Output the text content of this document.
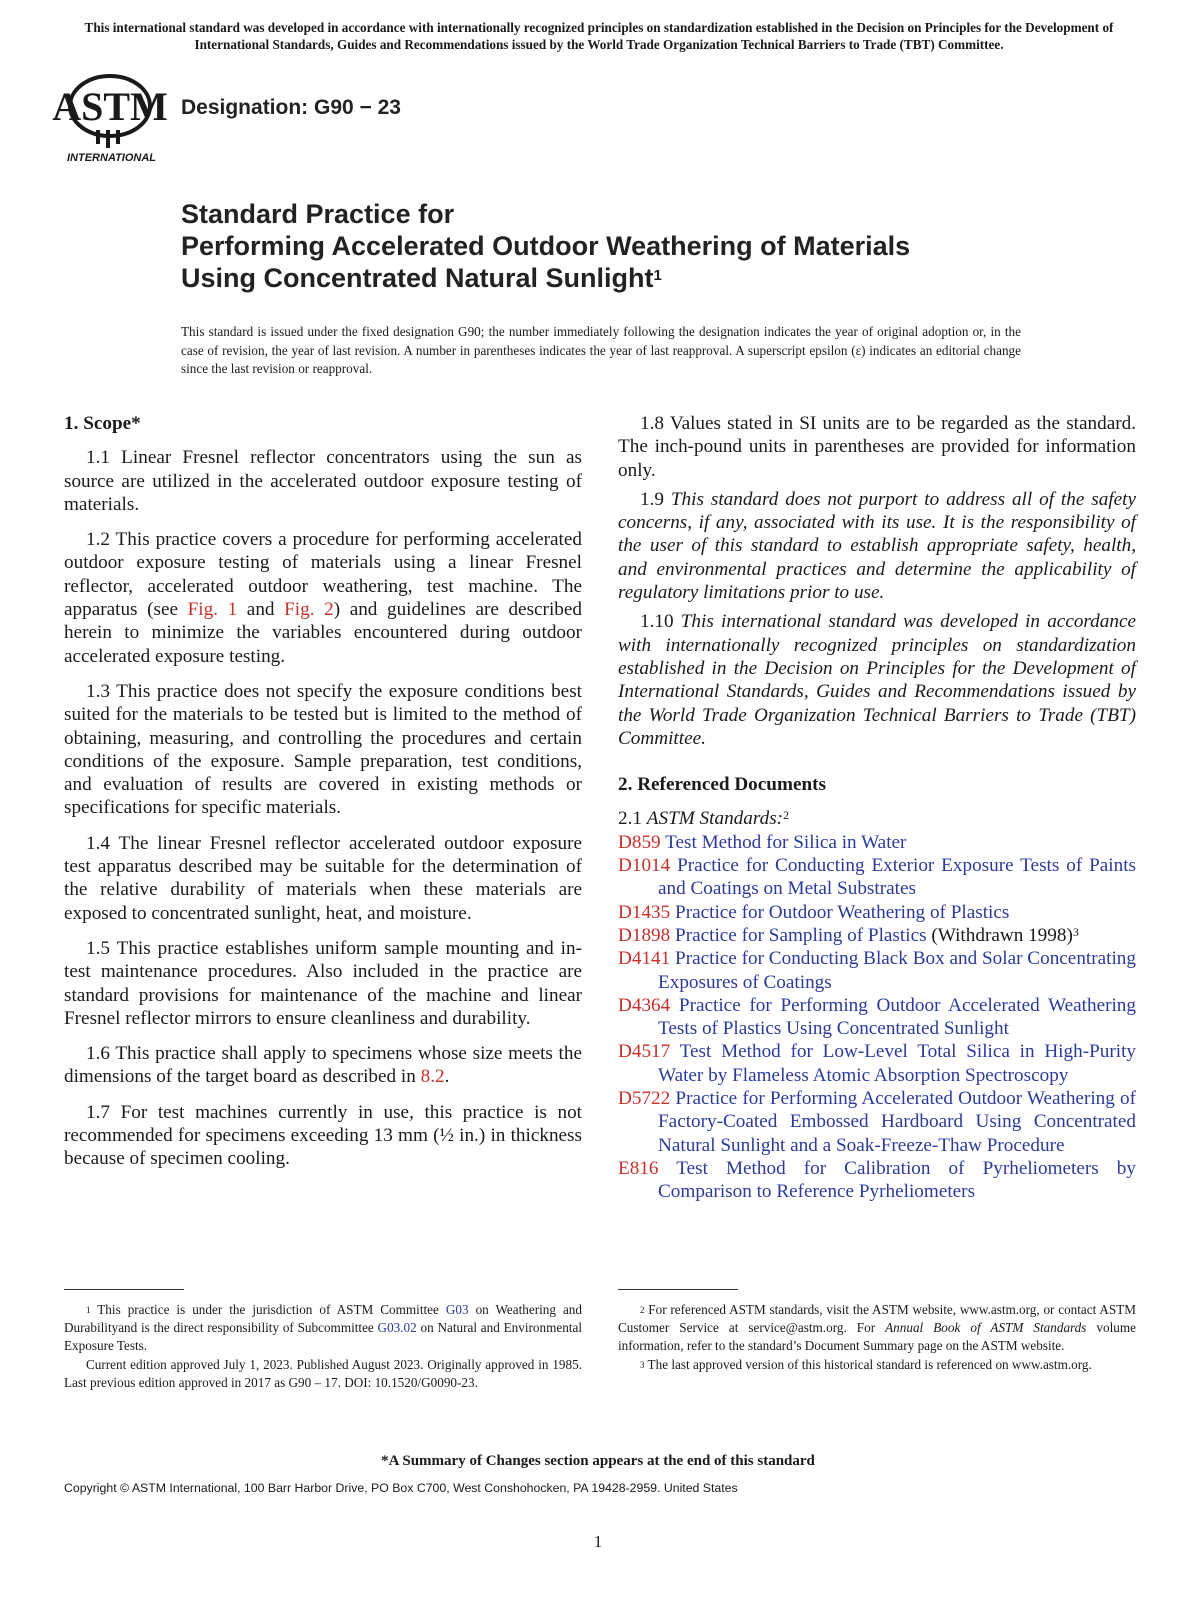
This international standard was developed in accordance with internationally recognized principles on standardization established in the Decision on Principles for the Development of International Standards, Guides and Recommendations issued by the World Trade Organization Technical Barriers to Trade (TBT) Committee.
ASTM
INTERNATIONAL
Designation: G90 − 23
Standard Practice for
Performing Accelerated Outdoor Weathering of Materials
Using Concentrated Natural Sunlight$^1$
This standard is issued under the fixed designation G90; the number immediately following the designation indicates the year of original adoption or, in the case of revision, the year of last revision. A number in parentheses indicates the year of last reapproval. A superscript epsilon (ε) indicates an editorial change since the last revision or reapproval.
1. Scope*

1.1 Linear Fresnel reflector concentrators using the sun as source are utilized in the accelerated outdoor exposure testing of materials.

1.2 This practice covers a procedure for performing accelerated outdoor exposure testing of materials using a linear Fresnel reflector, accelerated outdoor weathering, test machine. The apparatus (see Fig. 1 and Fig. 2) and guidelines are described herein to minimize the variables encountered during outdoor accelerated exposure testing.

1.3 This practice does not specify the exposure conditions best suited for the materials to be tested but is limited to the method of obtaining, measuring, and controlling the procedures and certain conditions of the exposure. Sample preparation, test conditions, and evaluation of results are covered in existing methods or specifications for specific materials.

1.4 The linear Fresnel reflector accelerated outdoor exposure test apparatus described may be suitable for the determination of the relative durability of materials when these materials are exposed to concentrated sunlight, heat, and moisture.

1.5 This practice establishes uniform sample mounting and in-test maintenance procedures. Also included in the practice are standard provisions for maintenance of the machine and linear Fresnel reflector mirrors to ensure cleanliness and durability.

1.6 This practice shall apply to specimens whose size meets the dimensions of the target board as described in 8.2.

1.7 For test machines currently in use, this practice is not recommended for specimens exceeding 13 mm (½ in.) in thickness because of specimen cooling.

1.8 Values stated in SI units are to be regarded as the standard. The inch-pound units in parentheses are provided for information only.

1.9 This standard does not purport to address all of the safety concerns, if any, associated with its use. It is the responsibility of the user of this standard to establish appropriate safety, health, and environmental practices and determine the applicability of regulatory limitations prior to use.

1.10 This international standard was developed in accordance with internationally recognized principles on standardization established in the Decision on Principles for the Development of International Standards, Guides and Recommendations issued by the World Trade Organization Technical Barriers to Trade (TBT) Committee.

2. Referenced Documents

2.1 ASTM Standards:$^2$

D859 Test Method for Silica in Water

D1014 Practice for Conducting Exterior Exposure Tests of Paints and Coatings on Metal Substrates

D1435 Practice for Outdoor Weathering of Plastics

D1898 Practice for Sampling of Plastics (Withdrawn 1998)$^3$

D4141 Practice for Conducting Black Box and Solar Concentrating Exposures of Coatings

D4364 Practice for Performing Outdoor Accelerated Weathering Tests of Plastics Using Concentrated Sunlight

D4517 Test Method for Low-Level Total Silica in High-Purity Water by Flameless Atomic Absorption Spectroscopy

D5722 Practice for Performing Accelerated Outdoor Weathering of Factory-Coated Embossed Hardboard Using Concentrated Natural Sunlight and a Soak-Freeze-Thaw Procedure

E816 Test Method for Calibration of Pyrheliometers by Comparison to Reference Pyrheliometers

$^1$ This practice is under the jurisdiction of ASTM Committee G03 on Weathering and Durabilityand is the direct responsibility of Subcommittee G03.02 on Natural and Environmental Exposure Tests.

Current edition approved July 1, 2023. Published August 2023. Originally approved in 1985. Last previous edition approved in 2017 as G90 – 17. DOI: 10.1520/G0090-23.

$^2$ For referenced ASTM standards, visit the ASTM website, www.astm.org, or contact ASTM Customer Service at service@astm.org. For Annual Book of ASTM Standards volume information, refer to the standard’s Document Summary page on the ASTM website.

$^3$ The last approved version of this historical standard is referenced on www.astm.org.

*A Summary of Changes section appears at the end of this standard
Copyright © ASTM International, 100 Barr Harbor Drive, PO Box C700, West Conshohocken, PA 19428-2959. United States
1
